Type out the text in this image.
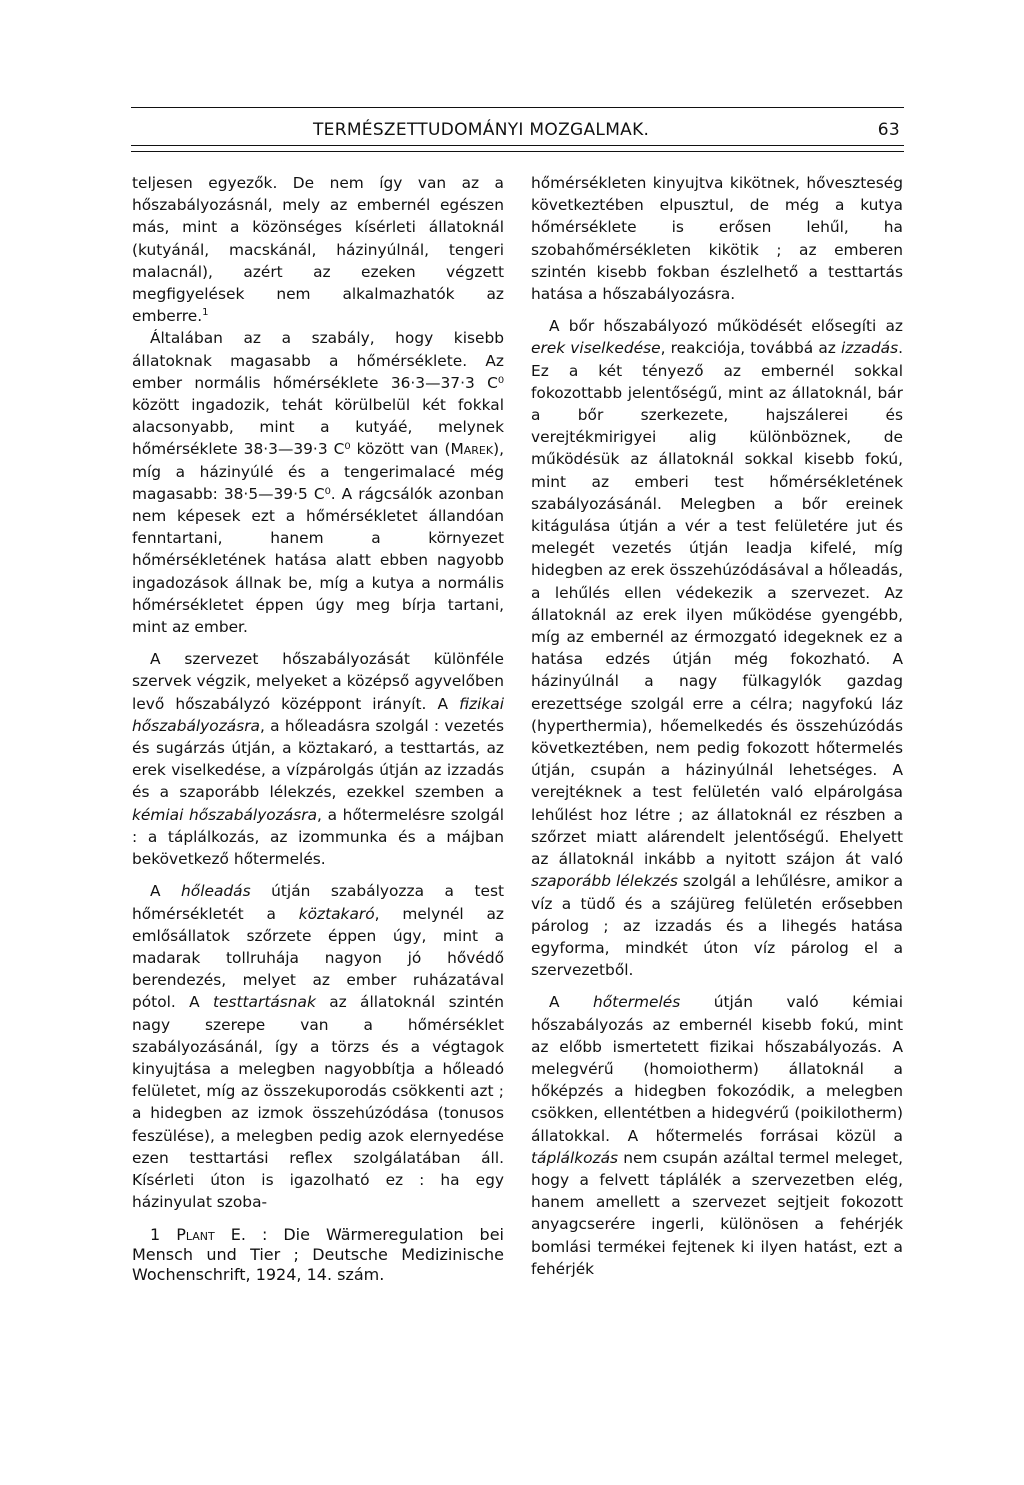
TERMÉSZETTUDOMÁNYI MOZGALMAK.	63

teljesen egyezők. De nem így van az a hőszabályozásnál, mely az embernél egészen más, mint a közönséges kísérleti állatoknál (kutyánál, macskánál, házinyúlnál, tengeri malacnál), azért az ezeken végzett megfigyelések nem alkalmazhatók az emberre.$^1$

Általában az a szabály, hogy kisebb állatoknak magasabb a hőmérséklete. Az ember normális hőmérséklete 36·3—37·3 C⁰ között ingadozik, tehát körülbelül két fokkal alacsonyabb, mint a kutyáé, melynek hőmérséklete 38·3—39·3 C⁰ között van (Marek), míg a házinyúlé és a tengerimalacé még magasabb: 38·5—39·5 C⁰. A rágcsálók azonban nem képesek ezt a hőmérsékletet állandóan fenntartani, hanem a környezet hőmérsékletének hatása alatt ebben nagyobb ingadozások állnak be, míg a kutya a normális hőmérsékletet éppen úgy meg bírja tartani, mint az ember.

A szervezet hőszabályozását különféle szervek végzik, melyeket a középső agyvelőben levő hőszabályzó középpont irányít. A fizikai hőszabályozásra, a hőleadásra szolgál : vezetés és sugárzás útján, a köztakaró, a testtartás, az erek viselkedése, a vízpárolgás útján az izzadás és a szaporább lélekzés, ezekkel szemben a kémiai hőszabályozásra, a hőtermelésre szolgál : a táplálkozás, az izommunka és a májban bekövetkező hőtermelés.

A hőleadás útján szabályozza a test hőmérsékletét a köztakaró, melynél az emlősállatok szőrzete éppen úgy, mint a madarak tollruhája nagyon jó hővédő berendezés, melyet az ember ruházatával pótol. A testtartásnak az állatoknál szintén nagy szerepe van a hőmérséklet szabályozásánál, így a törzs és a végtagok kinyujtása a melegben nagyobbítja a hőleadó felületet, míg az összekuporodás csökkenti azt ; a hidegben az izmok összehúzódása (tonusos feszülése), a melegben pedig azok elernyedése ezen testtartási reflex szolgálatában áll. Kísérleti úton is igazolható ez : ha egy házinyulat szoba-

1 Plant E. : Die Wärmeregulation bei Mensch und Tier ; Deutsche Medizinische Wochenschrift, 1924, 14. szám.

hőmérsékleten kinyujtva kikötnek, hőveszteség következtében elpusztul, de még a kutya hőmérséklete is erősen lehűl, ha szobahőmérsékleten kikötik ; az emberen szintén kisebb fokban észlelhető a testtartás hatása a hőszabályozásra.

A bőr hőszabályozó működését elősegíti az erek viselkedése, reakciója, továbbá az izzadás. Ez a két tényező az embernél sokkal fokozottabb jelentőségű, mint az állatoknál, bár a bőr szerkezete, hajszálerei és verejtékmirigyei alig különböznek, de működésük az állatoknál sokkal kisebb fokú, mint az emberi test hőmérsékletének szabályozásánál. Melegben a bőr ereinek kitágulása útján a vér a test felületére jut és melegét vezetés útján leadja kifelé, míg hidegben az erek összehúzódásával a hőleadás, a lehűlés ellen védekezik a szervezet. Az állatoknál az erek ilyen működése gyengébb, míg az embernél az érmozgató idegeknek ez a hatása edzés útján még fokozható. A házinyúlnál a nagy fülkagylók gazdag erezettsége szolgál erre a célra; nagyfokú láz (hyperthermia), hőemelkedés és összehúzódás következtében, nem pedig fokozott hőtermelés útján, csupán a házinyúlnál lehetséges. A verejtéknek a test felületén való elpárolgása lehűlést hoz létre ; az állatoknál ez részben a szőrzet miatt alárendelt jelentőségű. Ehelyett az állatoknál inkább a nyitott szájon át való szaporább lélekzés szolgál a lehűlésre, amikor a víz a tüdő és a szájüreg felületén erősebben párolog ; az izzadás és a lihegés hatása egyforma, mindkét úton víz párolog el a szervezetből.

A hőtermelés útján való kémiai hőszabályozás az embernél kisebb fokú, mint az előbb ismertetett fizikai hőszabályozás. A melegvérű (homoiotherm) állatoknál a hőképzés a hidegben fokozódik, a melegben csökken, ellentétben a hidegvérű (poikilotherm) állatokkal. A hőtermelés forrásai közül a táplálkozás nem csupán azáltal termel meleget, hogy a felvett táplálék a szervezetben elég, hanem amellett a szervezet sejtjeit fokozott anyagcserére ingerli, különösen a fehérjék bomlási termékei fejtenek ki ilyen hatást, ezt a fehérjék
